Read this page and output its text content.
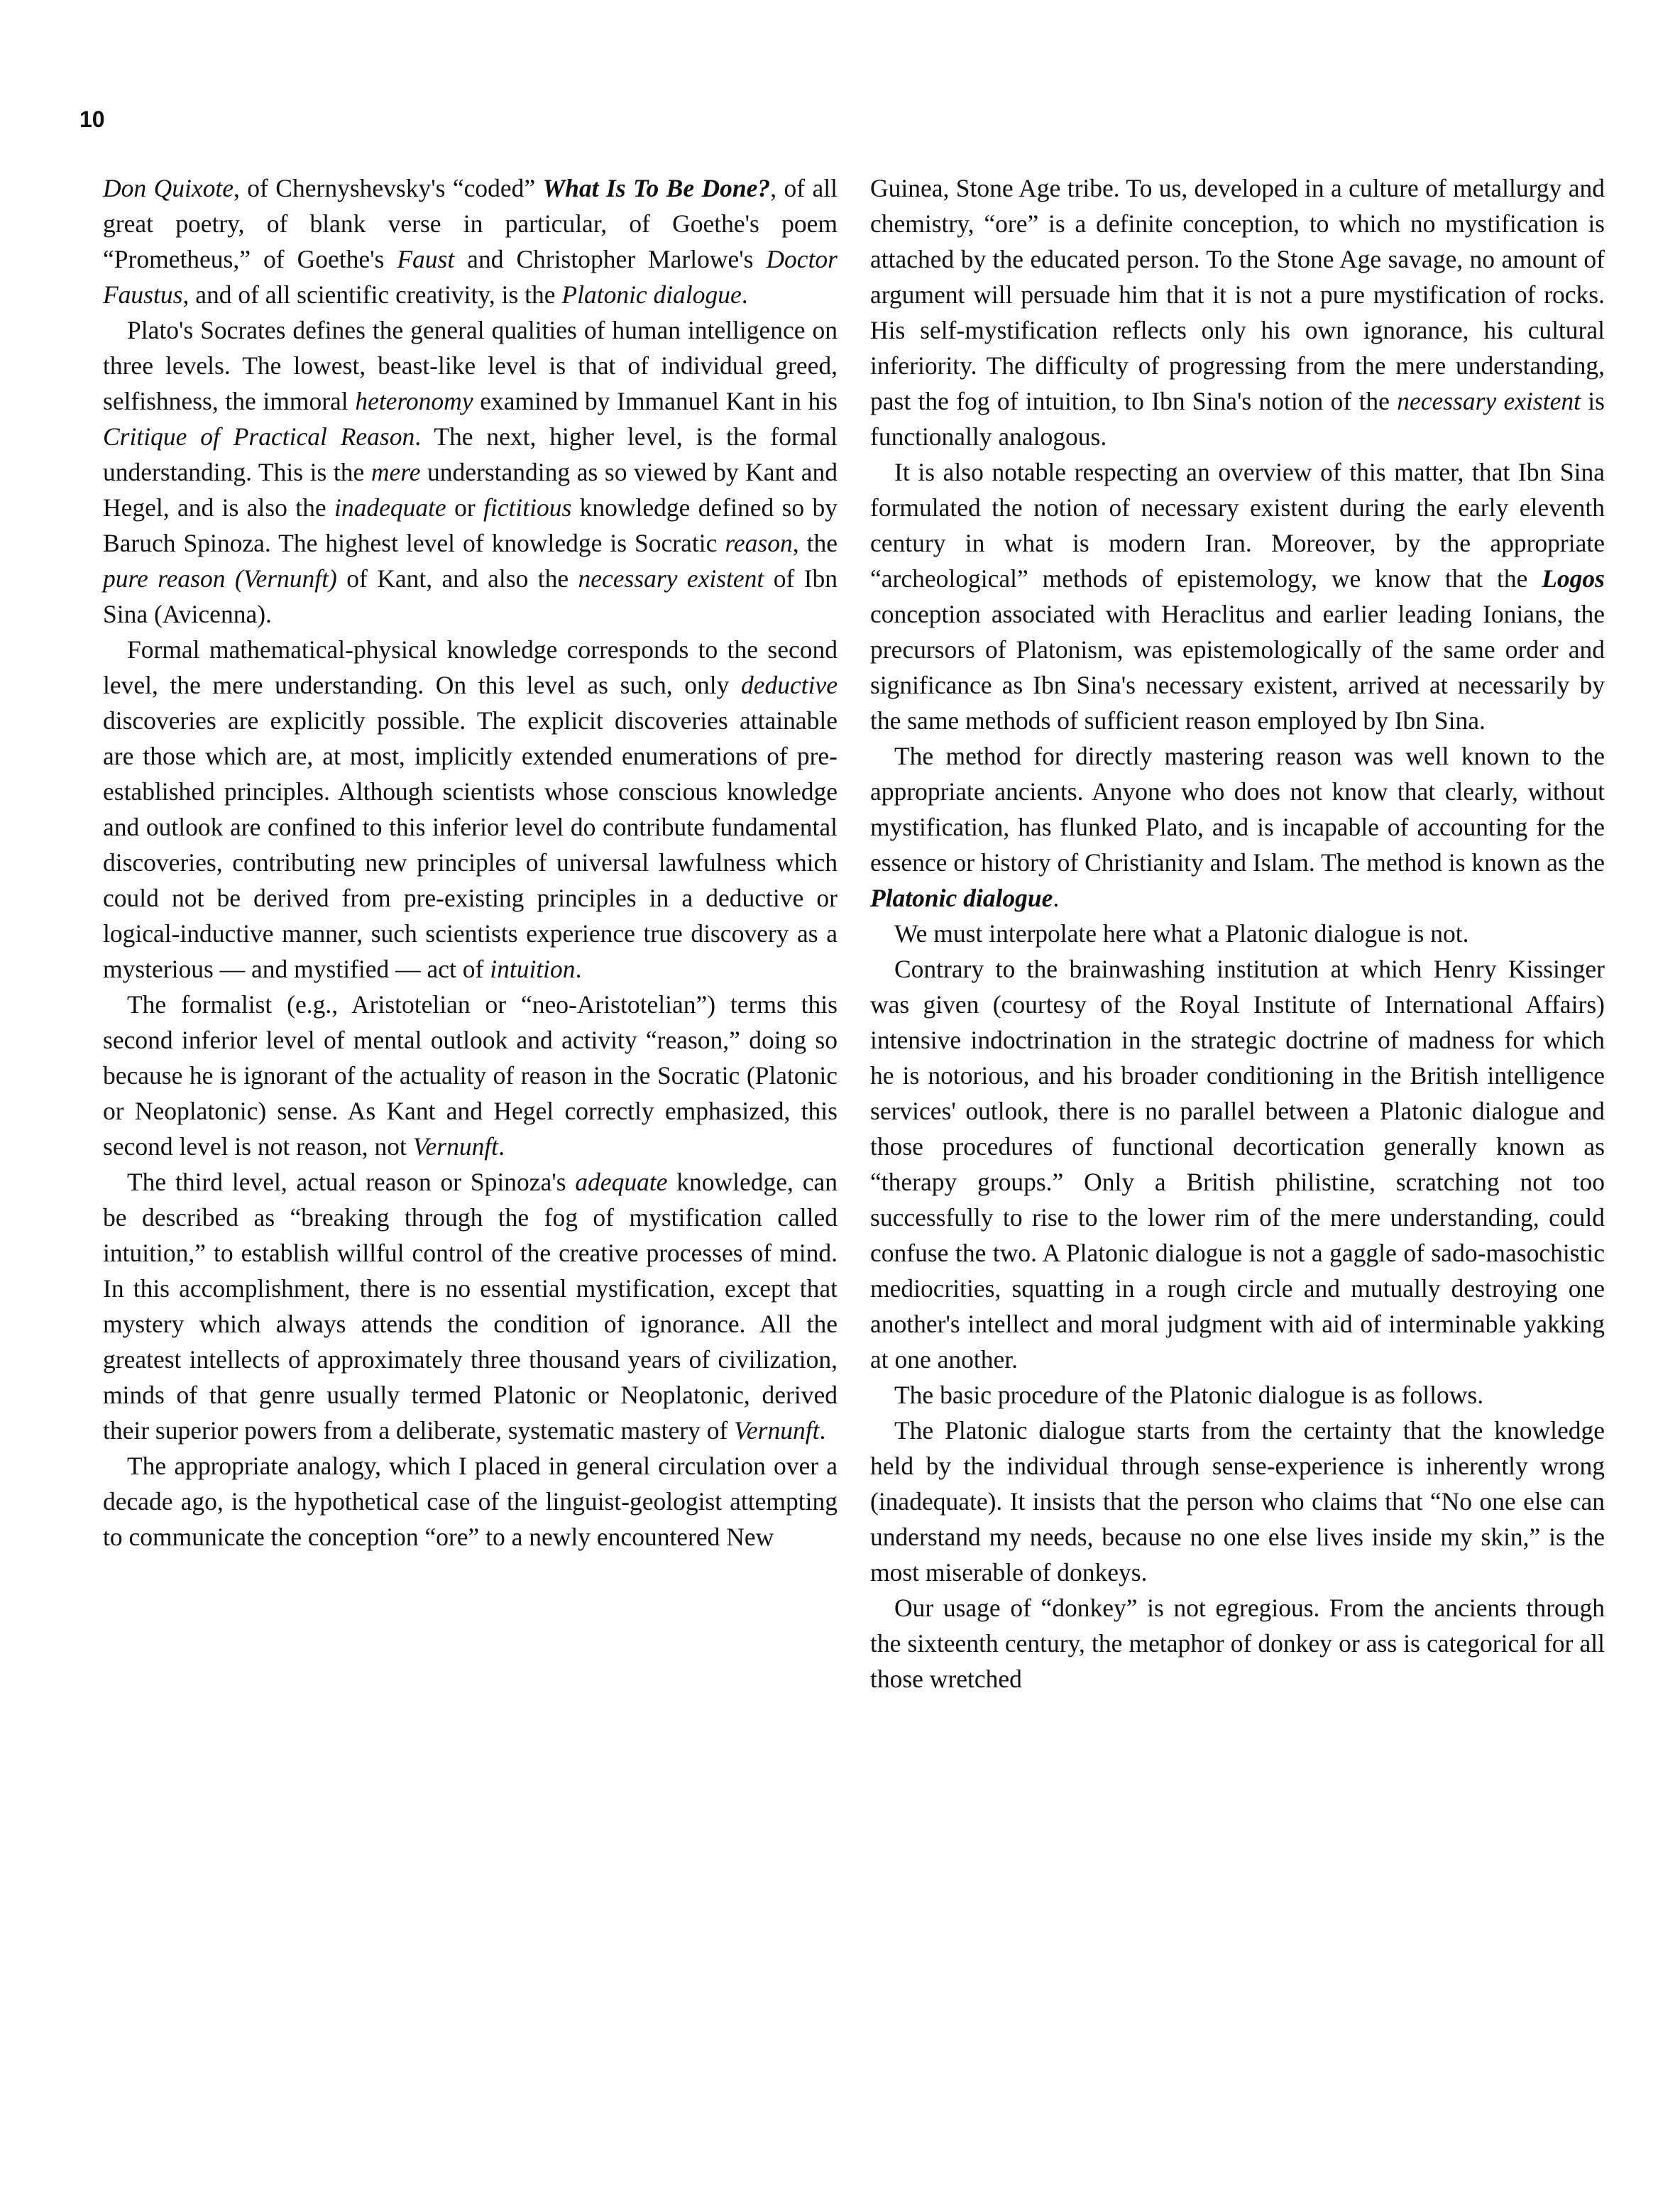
10

Don Quixote, of Chernyshevsky's “coded” What Is To Be Done?, of all great poetry, of blank verse in particular, of Goethe's poem “Prometheus,” of Goethe's Faust and Christopher Marlowe's Doctor Faustus, and of all scientific creativity, is the Platonic dialogue.

Plato's Socrates defines the general qualities of human intelligence on three levels. The lowest, beast-like level is that of individual greed, selfishness, the immoral heteronomy examined by Immanuel Kant in his Critique of Practical Reason. The next, higher level, is the formal understanding. This is the mere understanding as so viewed by Kant and Hegel, and is also the inadequate or fictitious knowledge defined so by Baruch Spinoza. The highest level of knowledge is Socratic reason, the pure reason (Vernunft) of Kant, and also the necessary existent of Ibn Sina (Avicenna).

Formal mathematical-physical knowledge corresponds to the second level, the mere understanding. On this level as such, only deductive discoveries are explicitly possible. The explicit discoveries attainable are those which are, at most, implicitly extended enumerations of pre-established principles. Although scientists whose conscious knowledge and outlook are confined to this inferior level do contribute fundamental discoveries, contributing new principles of universal lawfulness which could not be derived from pre-existing principles in a deductive or logical-inductive manner, such scientists experience true discovery as a mysterious — and mystified — act of intuition.

The formalist (e.g., Aristotelian or “neo-Aristotelian”) terms this second inferior level of mental outlook and activity “reason,” doing so because he is ignorant of the actuality of reason in the Socratic (Platonic or Neoplatonic) sense. As Kant and Hegel correctly emphasized, this second level is not reason, not Vernunft.

The third level, actual reason or Spinoza's adequate knowledge, can be described as “breaking through the fog of mystification called intuition,” to establish willful control of the creative processes of mind. In this accomplishment, there is no essential mystification, except that mystery which always attends the condition of ignorance. All the greatest intellects of approximately three thousand years of civilization, minds of that genre usually termed Platonic or Neoplatonic, derived their superior powers from a deliberate, systematic mastery of Vernunft.

The appropriate analogy, which I placed in general circulation over a decade ago, is the hypothetical case of the linguist-geologist attempting to communicate the conception “ore” to a newly encountered New

Guinea, Stone Age tribe. To us, developed in a culture of metallurgy and chemistry, “ore” is a definite conception, to which no mystification is attached by the educated person. To the Stone Age savage, no amount of argument will persuade him that it is not a pure mystification of rocks. His self-mystification reflects only his own ignorance, his cultural inferiority. The difficulty of progressing from the mere understanding, past the fog of intuition, to Ibn Sina's notion of the necessary existent is functionally analogous.

It is also notable respecting an overview of this matter, that Ibn Sina formulated the notion of necessary existent during the early eleventh century in what is modern Iran. Moreover, by the appropriate “archeological” methods of epistemology, we know that the Logos conception associated with Heraclitus and earlier leading Ionians, the precursors of Platonism, was epistemologically of the same order and significance as Ibn Sina's necessary existent, arrived at necessarily by the same methods of sufficient reason employed by Ibn Sina.

The method for directly mastering reason was well known to the appropriate ancients. Anyone who does not know that clearly, without mystification, has flunked Plato, and is incapable of accounting for the essence or history of Christianity and Islam. The method is known as the Platonic dialogue.

We must interpolate here what a Platonic dialogue is not.

Contrary to the brainwashing institution at which Henry Kissinger was given (courtesy of the Royal Institute of International Affairs) intensive indoctrination in the strategic doctrine of madness for which he is notorious, and his broader conditioning in the British intelligence services' outlook, there is no parallel between a Platonic dialogue and those procedures of functional decortication generally known as “therapy groups.” Only a British philistine, scratching not too successfully to rise to the lower rim of the mere understanding, could confuse the two. A Platonic dialogue is not a gaggle of sado-masochistic mediocrities, squatting in a rough circle and mutually destroying one another's intellect and moral judgment with aid of interminable yakking at one another.

The basic procedure of the Platonic dialogue is as follows.

The Platonic dialogue starts from the certainty that the knowledge held by the individual through sense-experience is inherently wrong (inadequate). It insists that the person who claims that “No one else can understand my needs, because no one else lives inside my skin,” is the most miserable of donkeys.

Our usage of “donkey” is not egregious. From the ancients through the sixteenth century, the metaphor of donkey or ass is categorical for all those wretched
